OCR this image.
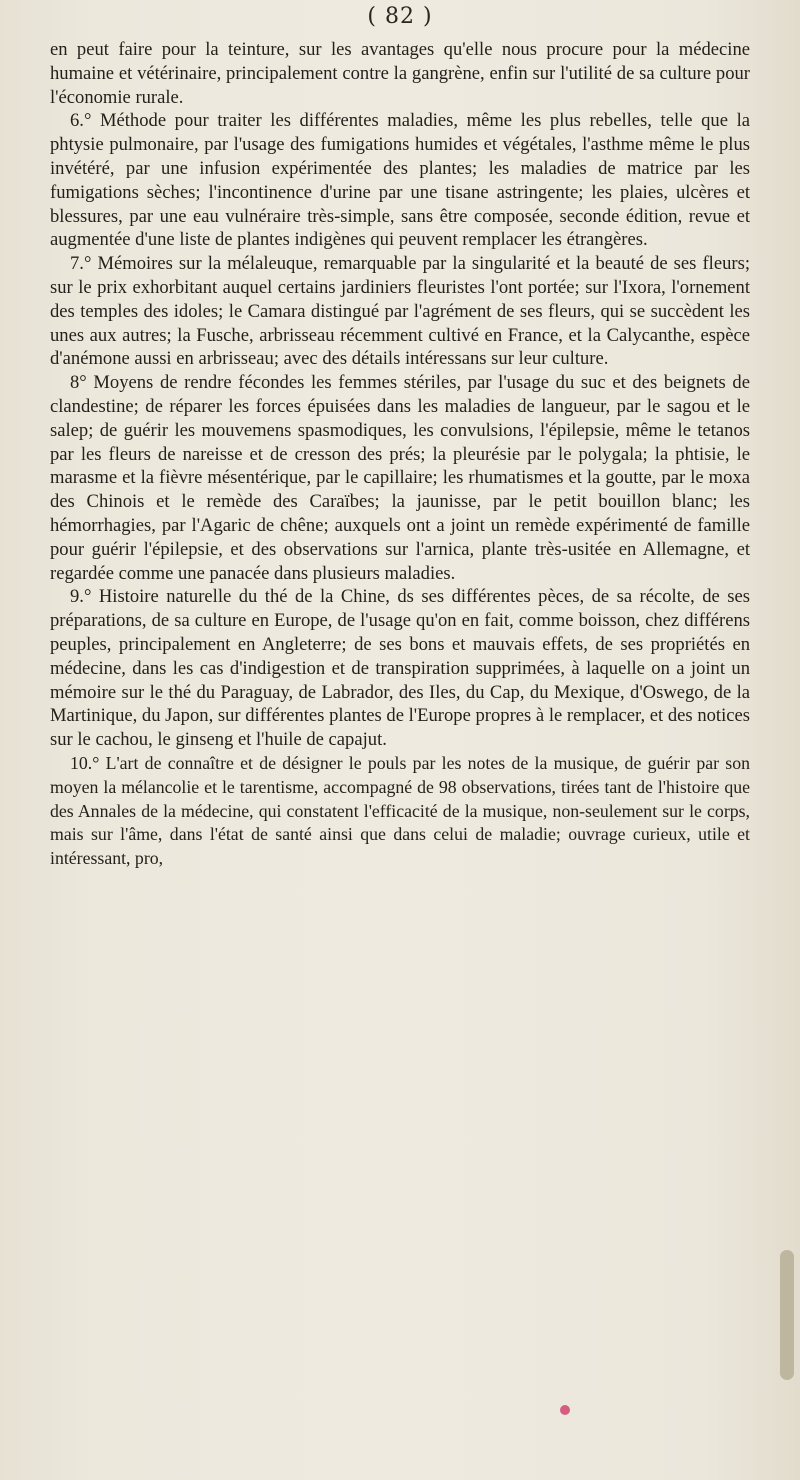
( 82 )

en peut faire pour la teinture, sur les avantages qu'elle nous procure pour la médecine humaine et vétérinaire, principalement contre la gangrène, enfin sur l'utilité de sa culture pour l'économie rurale.

6.° Méthode pour traiter les différentes maladies, même les plus rebelles, telle que la phtysie pulmonaire, par l'usage des fumigations humides et végétales, l'asthme même le plus invétéré, par une infusion expérimentée des plantes; les maladies de matrice par les fumigations sèches; l'incontinence d'urine par une tisane astringente; les plaies, ulcères et blessures, par une eau vulnéraire très-simple, sans être composée, seconde édition, revue et augmentée d'une liste de plantes indigènes qui peuvent remplacer les étrangères.

7.° Mémoires sur la mélaleuque, remarquable par la singularité et la beauté de ses fleurs; sur le prix exhorbitant auquel certains jardiniers fleuristes l'ont portée; sur l'Ixora, l'ornement des temples des idoles; le Camara distingué par l'agrément de ses fleurs, qui se succèdent les unes aux autres; la Fusche, arbrisseau récemment cultivé en France, et la Calycanthe, espèce d'anémone aussi en arbrisseau; avec des détails intéressans sur leur culture.

8° Moyens de rendre fécondes les femmes stériles, par l'usage du suc et des beignets de clandestine; de réparer les forces épuisées dans les maladies de langueur, par le sagou et le salep; de guérir les mouvemens spasmodiques, les convulsions, l'épilepsie, même le tetanos par les fleurs de nareisse et de cresson des prés; la pleurésie par le polygala; la phtisie, le marasme et la fièvre mésentérique, par le capillaire; les rhumatismes et la goutte, par le moxa des Chinois et le remède des Caraïbes; la jaunisse, par le petit bouillon blanc; les hémorrhagies, par l'Agaric de chêne; auxquels ont a joint un remède expérimenté de famille pour guérir l'épilepsie, et des observations sur l'arnica, plante très-usitée en Allemagne, et regardée comme une panacée dans plusieurs maladies.

9.° Histoire naturelle du thé de la Chine, ds ses différentes pèces, de sa récolte, de ses préparations, de sa culture en Europe, de l'usage qu'on en fait, comme boisson, chez différens peuples, principalement en Angleterre; de ses bons et mauvais effets, de ses propriétés en médecine, dans les cas d'indigestion et de transpiration supprimées, à laquelle on a joint un mémoire sur le thé du Paraguay, de Labrador, des Iles, du Cap, du Mexique, d'Oswego, de la Martinique, du Japon, sur différentes plantes de l'Europe propres à le remplacer, et des notices sur le cachou, le ginseng et l'huile de capajut.

10.° L'art de connaître et de désigner le pouls par les notes de la musique, de guérir par son moyen la mélancolie et le tarentisme, accompagné de 98 observations, tirées tant de l'histoire que des Annales de la médecine, qui constatent l'efficacité de la musique, non-seulement sur le corps, mais sur l'âme, dans l'état de santé ainsi que dans celui de maladie; ouvrage curieux, utile et intéressant, pro,
